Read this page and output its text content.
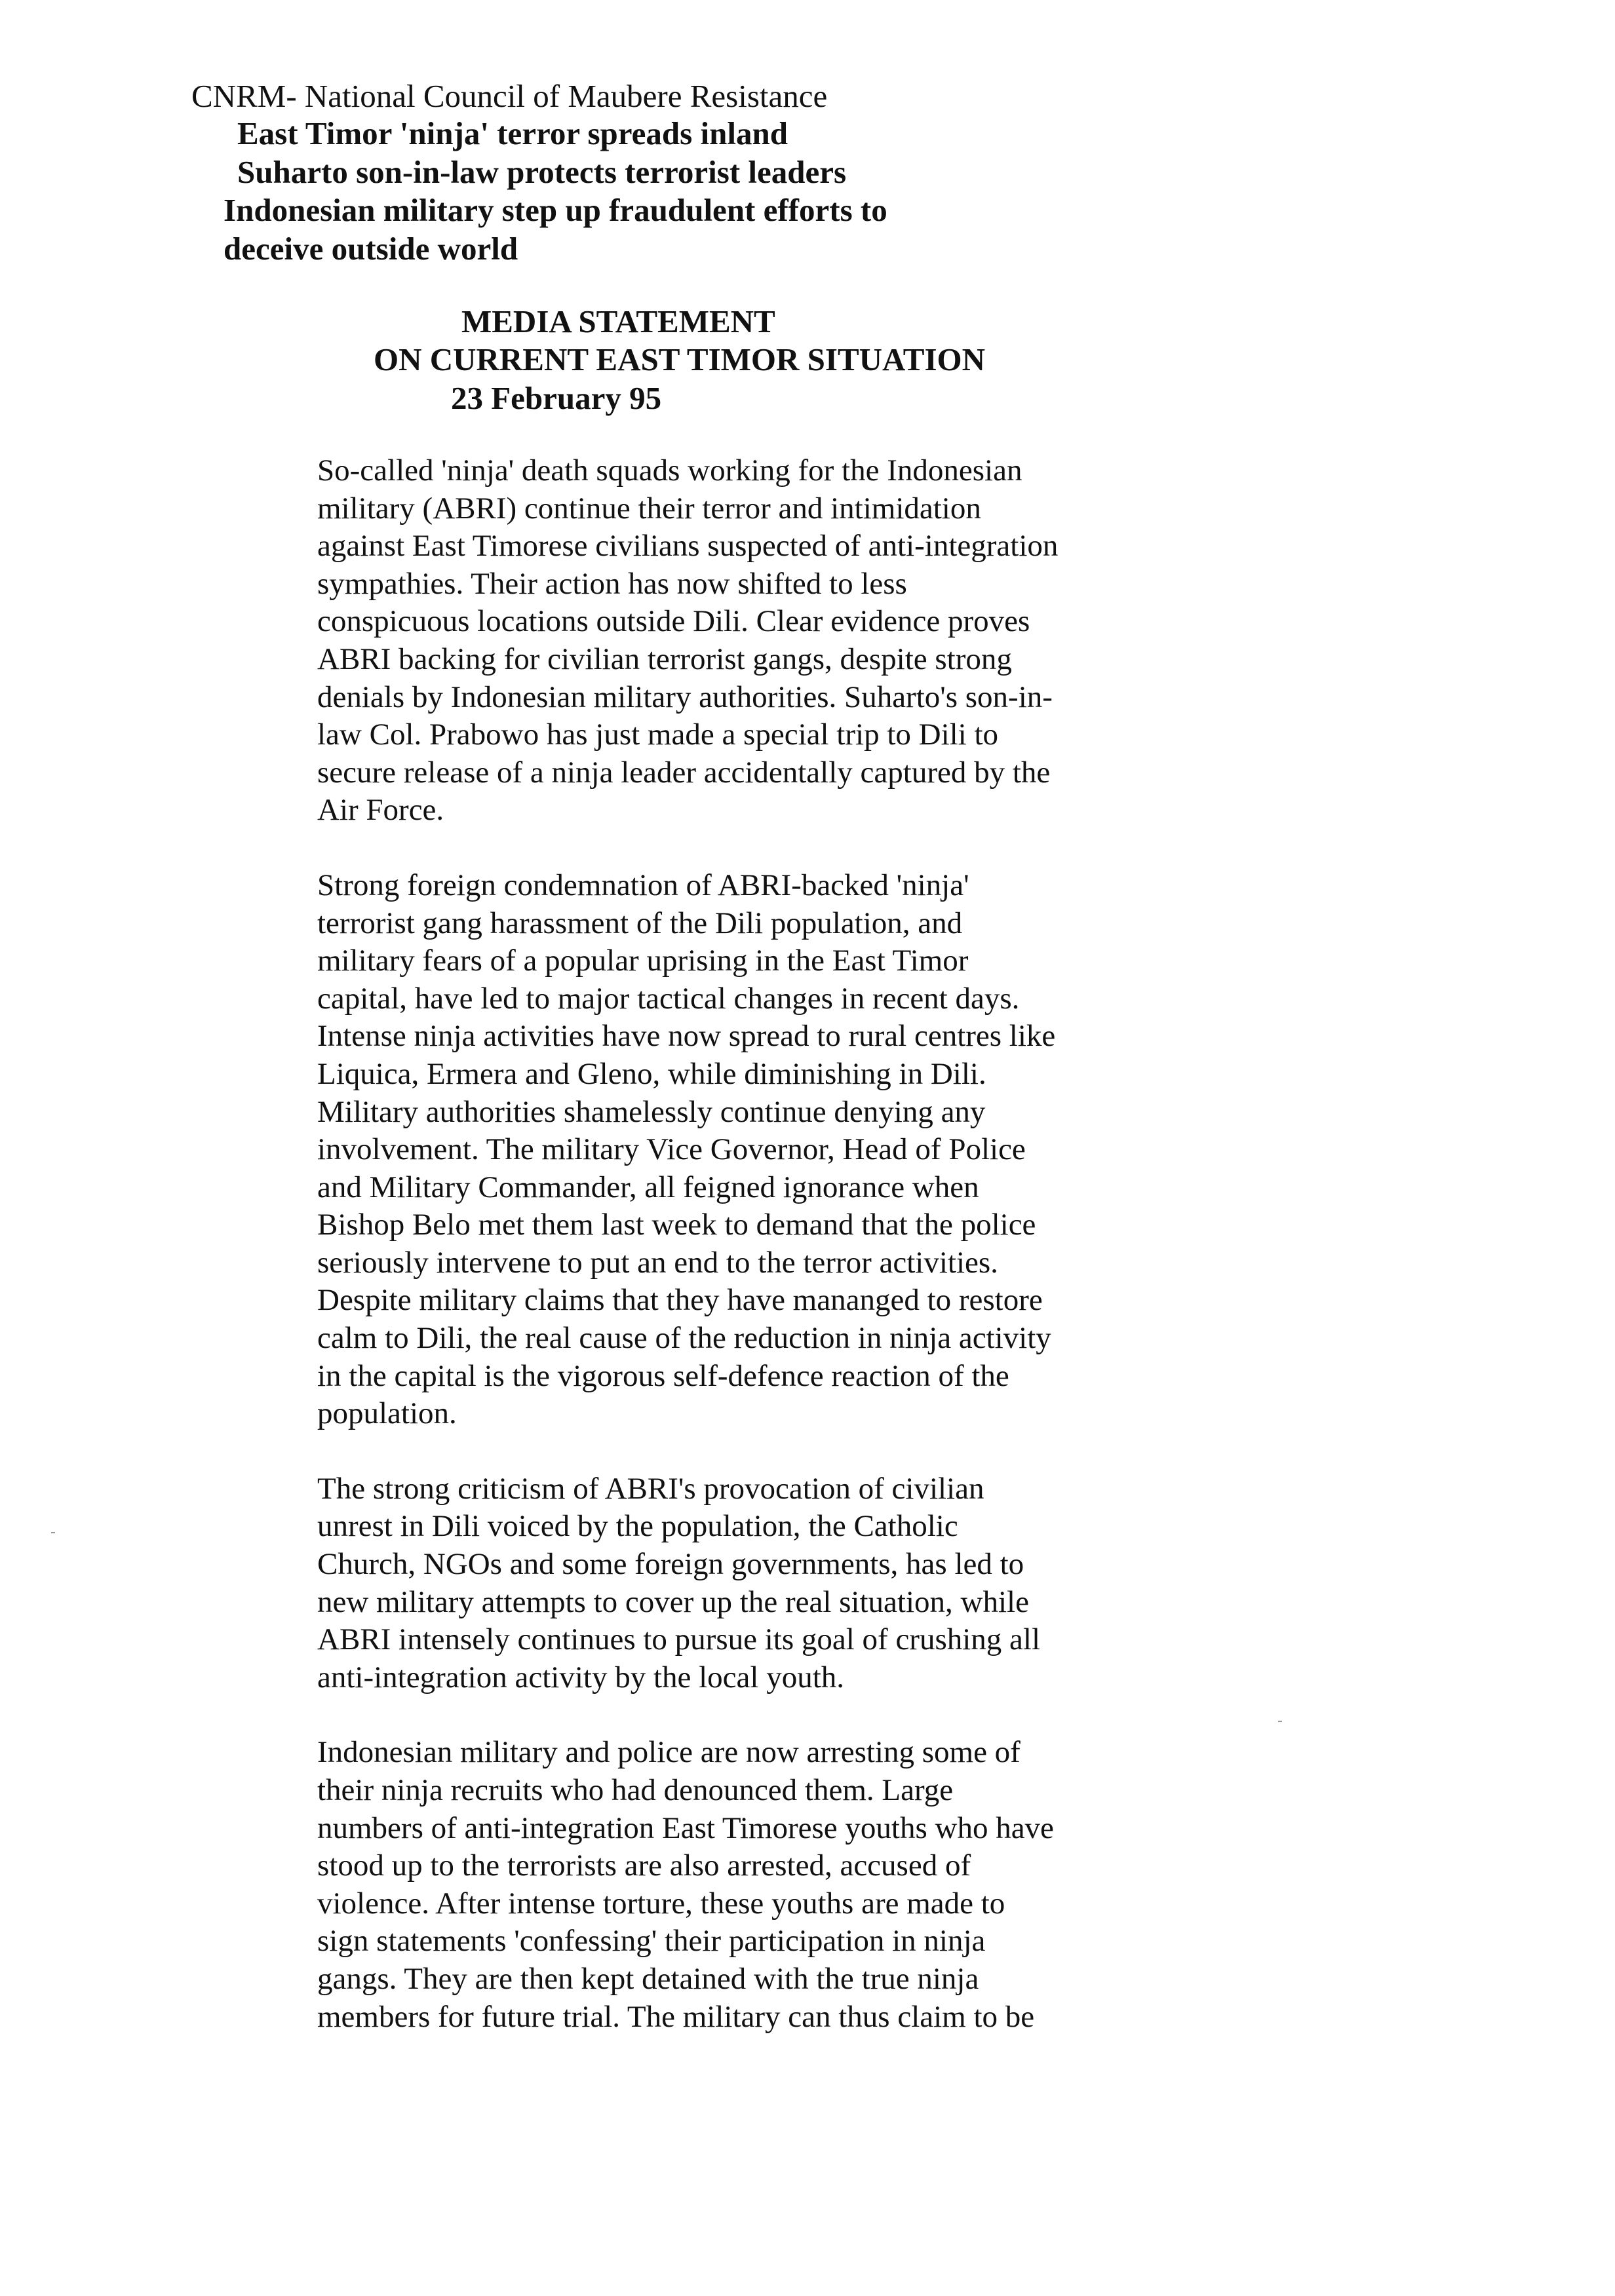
CNRM- National Council of Maubere Resistance
East Timor 'ninja' terror spreads inland
Suharto son-in-law protects terrorist leaders
Indonesian military step up fraudulent efforts to
deceive outside world
MEDIA STATEMENT
ON CURRENT EAST TIMOR SITUATION
23 February 95
So-called 'ninja' death squads working for the Indonesian
military (ABRI) continue their terror and intimidation
against East Timorese civilians suspected of anti-integration
sympathies. Their action has now shifted to less
conspicuous locations outside Dili. Clear evidence proves
ABRI backing for civilian terrorist gangs, despite strong
denials by Indonesian military authorities. Suharto's son-in-
law Col. Prabowo has just made a special trip to Dili to
secure release of a ninja leader accidentally captured by the
Air Force.
Strong foreign condemnation of ABRI-backed 'ninja'
terrorist gang harassment of the Dili population, and
military fears of a popular uprising in the East Timor
capital, have led to major tactical changes in recent days.
Intense ninja activities have now spread to rural centres like
Liquica, Ermera and Gleno, while diminishing in Dili.
Military authorities shamelessly continue denying any
involvement. The military Vice Governor, Head of Police
and Military Commander, all feigned ignorance when
Bishop Belo met them last week to demand that the police
seriously intervene to put an end to the terror activities.
Despite military claims that they have mananged to restore
calm to Dili, the real cause of the reduction in ninja activity
in the capital is the vigorous self-defence reaction of the
population.
The strong criticism of ABRI's provocation of civilian
unrest in Dili voiced by the population, the Catholic
Church, NGOs and some foreign governments, has led to
new military attempts to cover up the real situation, while
ABRI intensely continues to pursue its goal of crushing all
anti-integration activity by the local youth.
Indonesian military and police are now arresting some of
their ninja recruits who had denounced them. Large
numbers of anti-integration East Timorese youths who have
stood up to the terrorists are also arrested, accused of
violence. After intense torture, these youths are made to
sign statements 'confessing' their participation in ninja
gangs. They are then kept detained with the true ninja
members for future trial. The military can thus claim to be
